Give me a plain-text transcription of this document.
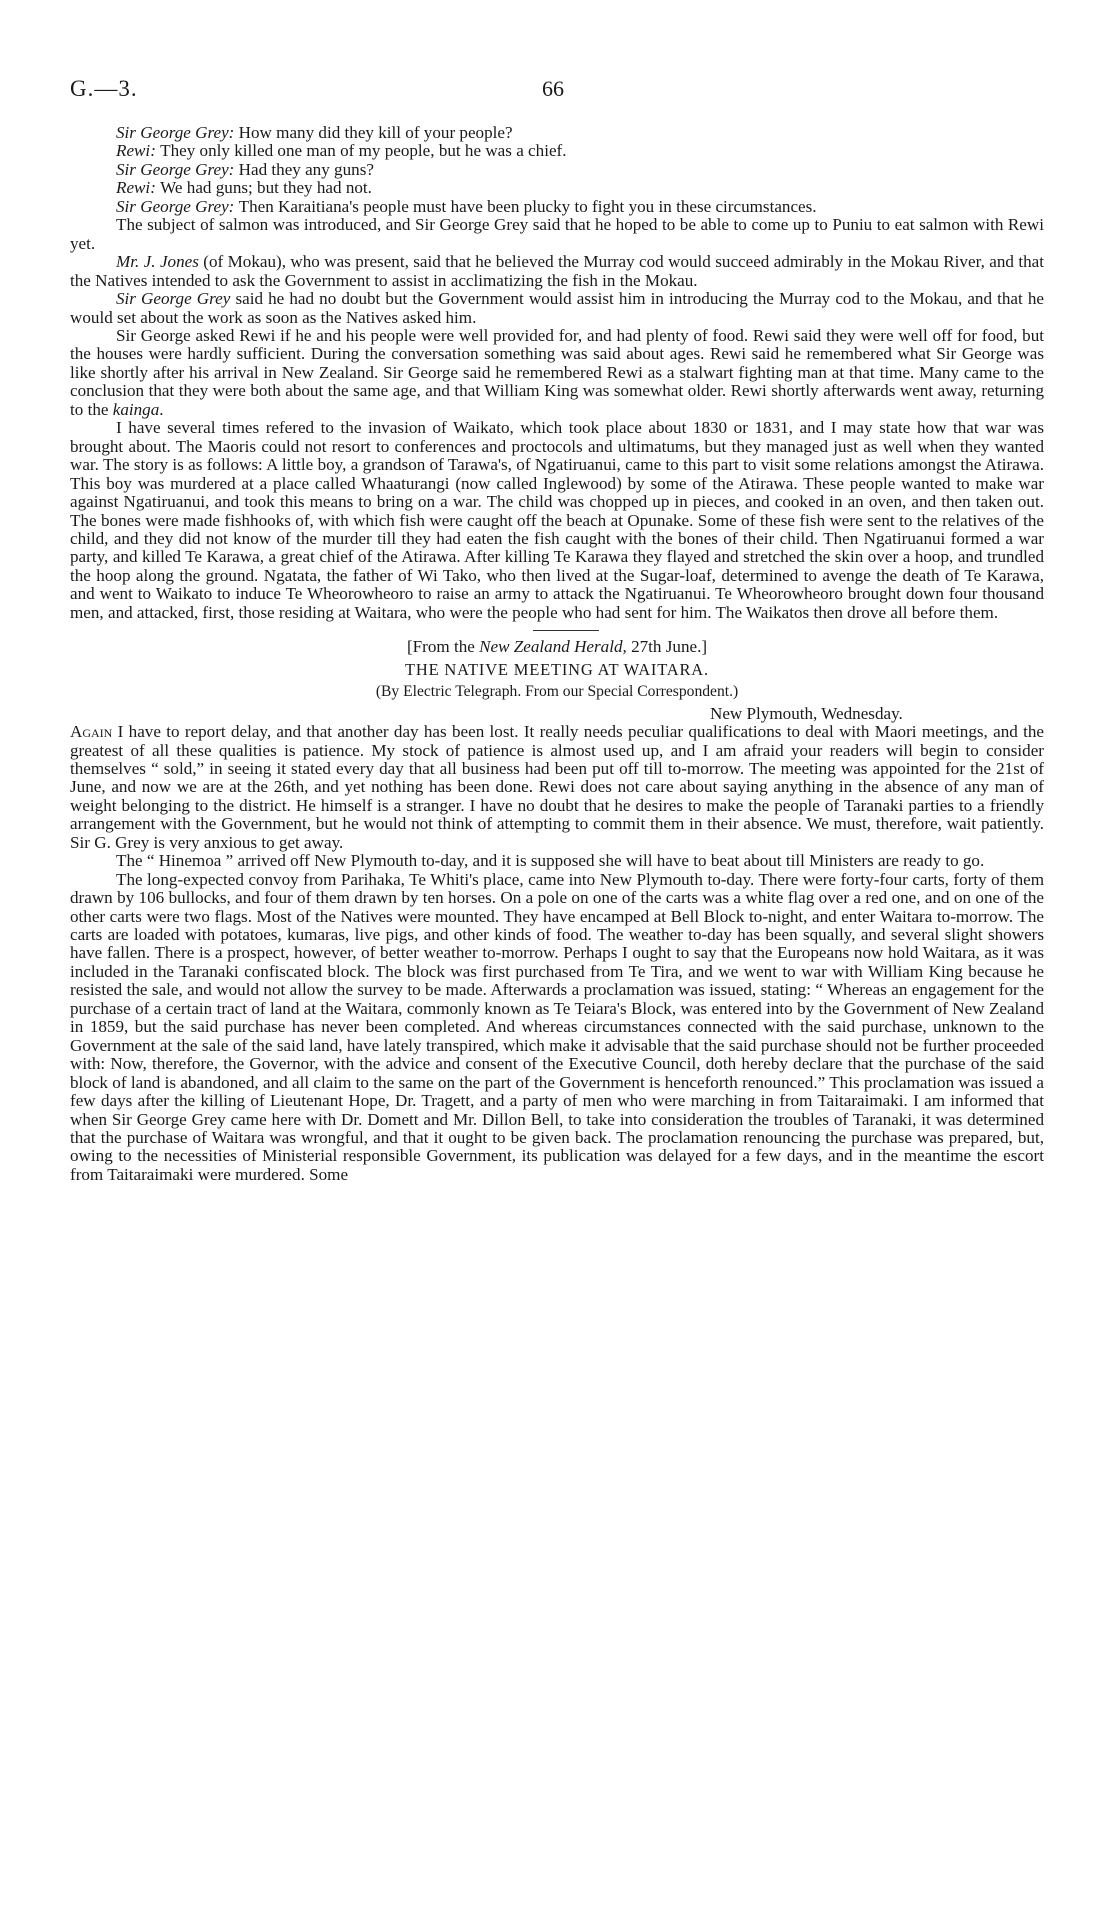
G.—3.	66

Sir George Grey: How many did they kill of your people?

Rewi: They only killed one man of my people, but he was a chief.

Sir George Grey: Had they any guns?

Rewi: We had guns; but they had not.

Sir George Grey: Then Karaitiana's people must have been plucky to fight you in these circumstances.

The subject of salmon was introduced, and Sir George Grey said that he hoped to be able to come up to Puniu to eat salmon with Rewi yet.

Mr. J. Jones (of Mokau), who was present, said that he believed the Murray cod would succeed admirably in the Mokau River, and that the Natives intended to ask the Government to assist in acclimatizing the fish in the Mokau.

Sir George Grey said he had no doubt but the Government would assist him in introducing the Murray cod to the Mokau, and that he would set about the work as soon as the Natives asked him.

Sir George asked Rewi if he and his people were well provided for, and had plenty of food. Rewi said they were well off for food, but the houses were hardly sufficient. During the conversation something was said about ages. Rewi said he remembered what Sir George was like shortly after his arrival in New Zealand. Sir George said he remembered Rewi as a stalwart fighting man at that time. Many came to the conclusion that they were both about the same age, and that William King was somewhat older. Rewi shortly afterwards went away, returning to the kainga.

I have several times refered to the invasion of Waikato, which took place about 1830 or 1831, and I may state how that war was brought about. The Maoris could not resort to conferences and proctocols and ultimatums, but they managed just as well when they wanted war. The story is as follows: A little boy, a grandson of Tarawa's, of Ngatiruanui, came to this part to visit some relations amongst the Atirawa. This boy was murdered at a place called Whaaturangi (now called Inglewood) by some of the Atirawa. These people wanted to make war against Ngatiruanui, and took this means to bring on a war. The child was chopped up in pieces, and cooked in an oven, and then taken out. The bones were made fishhooks of, with which fish were caught off the beach at Opunake. Some of these fish were sent to the relatives of the child, and they did not know of the murder till they had eaten the fish caught with the bones of their child. Then Ngatiruanui formed a war party, and killed Te Karawa, a great chief of the Atirawa. After killing Te Karawa they flayed and stretched the skin over a hoop, and trundled the hoop along the ground. Ngatata, the father of Wi Tako, who then lived at the Sugar-loaf, determined to avenge the death of Te Karawa, and went to Waikato to induce Te Wheorowheoro to raise an army to attack the Ngatiruanui. Te Wheorowheoro brought down four thousand men, and attacked, first, those residing at Waitara, who were the people who had sent for him. The Waikatos then drove all before them.

[From the New Zealand Herald, 27th June.]
THE NATIVE MEETING AT WAITARA.
(By Electric Telegraph. From our Special Correspondent.)
New Plymouth, Wednesday.

Again I have to report delay, and that another day has been lost. It really needs peculiar qualifications to deal with Maori meetings, and the greatest of all these qualities is patience. My stock of patience is almost used up, and I am afraid your readers will begin to consider themselves “ sold,” in seeing it stated every day that all business had been put off till to-morrow. The meeting was appointed for the 21st of June, and now we are at the 26th, and yet nothing has been done. Rewi does not care about saying anything in the absence of any man of weight belonging to the district. He himself is a stranger. I have no doubt that he desires to make the people of Taranaki parties to a friendly arrangement with the Government, but he would not think of attempting to commit them in their absence. We must, therefore, wait patiently. Sir G. Grey is very anxious to get away.

The “ Hinemoa ” arrived off New Plymouth to-day, and it is supposed she will have to beat about till Ministers are ready to go.

The long-expected convoy from Parihaka, Te Whiti's place, came into New Plymouth to-day. There were forty-four carts, forty of them drawn by 106 bullocks, and four of them drawn by ten horses. On a pole on one of the carts was a white flag over a red one, and on one of the other carts were two flags. Most of the Natives were mounted. They have encamped at Bell Block to-night, and enter Waitara to-morrow. The carts are loaded with potatoes, kumaras, live pigs, and other kinds of food. The weather to-day has been squally, and several slight showers have fallen. There is a prospect, however, of better weather to-morrow. Perhaps I ought to say that the Europeans now hold Waitara, as it was included in the Taranaki confiscated block. The block was first purchased from Te Tira, and we went to war with William King because he resisted the sale, and would not allow the survey to be made. Afterwards a proclamation was issued, stating: “ Whereas an engagement for the purchase of a certain tract of land at the Waitara, commonly known as Te Teiara's Block, was entered into by the Government of New Zealand in 1859, but the said purchase has never been completed. And whereas circumstances connected with the said purchase, unknown to the Government at the sale of the said land, have lately transpired, which make it advisable that the said purchase should not be further proceeded with: Now, therefore, the Governor, with the advice and consent of the Executive Council, doth hereby declare that the purchase of the said block of land is abandoned, and all claim to the same on the part of the Government is henceforth renounced.” This proclamation was issued a few days after the killing of Lieutenant Hope, Dr. Tragett, and a party of men who were marching in from Taitaraimaki. I am informed that when Sir George Grey came here with Dr. Domett and Mr. Dillon Bell, to take into consideration the troubles of Taranaki, it was determined that the purchase of Waitara was wrongful, and that it ought to be given back. The proclamation renouncing the purchase was prepared, but, owing to the necessities of Ministerial responsible Government, its publication was delayed for a few days, and in the meantime the escort from Taitaraimaki were murdered. Some
